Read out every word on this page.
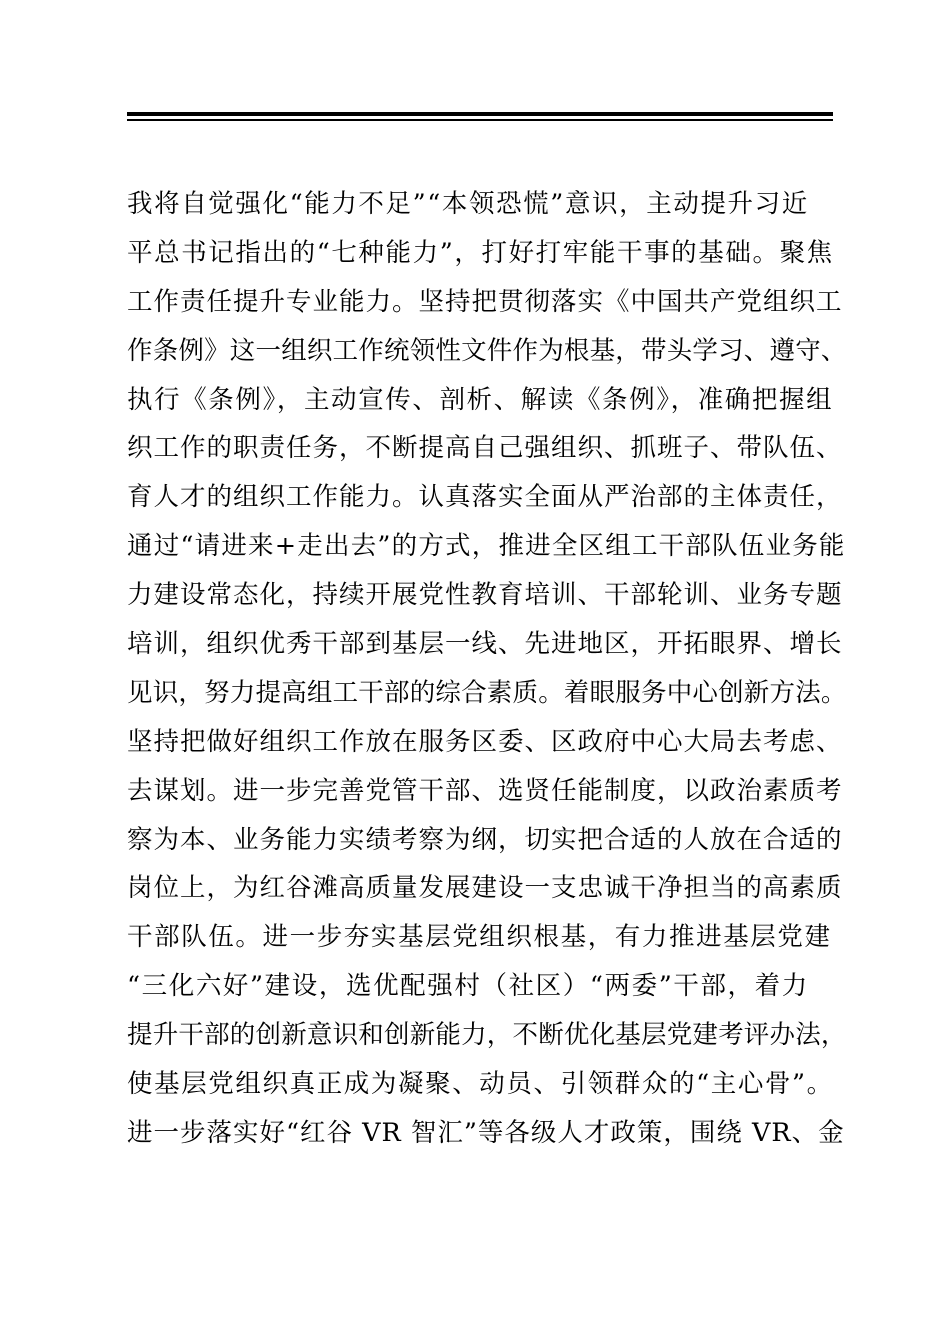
我将自觉强化“能力不足”“本领恐慌”意识，主动提升习近
平总书记指出的“七种能力”，打好打牢能干事的基础。聚焦
工作责任提升专业能力。坚持把贯彻落实《中国共产党组织工
作条例》这一组织工作统领性文件作为根基，带头学习、遵守、
执行《条例》，主动宣传、剖析、解读《条例》，准确把握组
织工作的职责任务，不断提高自己强组织、抓班子、带队伍、
育人才的组织工作能力。认真落实全面从严治部的主体责任，
通过“请进来+走出去”的方式，推进全区组工干部队伍业务能
力建设常态化，持续开展党性教育培训、干部轮训、业务专题
培训，组织优秀干部到基层一线、先进地区，开拓眼界、增长
见识，努力提高组工干部的综合素质。着眼服务中心创新方法。
坚持把做好组织工作放在服务区委、区政府中心大局去考虑、
去谋划。进一步完善党管干部、选贤任能制度，以政治素质考
察为本、业务能力实绩考察为纲，切实把合适的人放在合适的
岗位上，为红谷滩高质量发展建设一支忠诚干净担当的高素质
干部队伍。进一步夯实基层党组织根基，有力推进基层党建
“三化六好”建设，选优配强村（社区）“两委”干部，着力
提升干部的创新意识和创新能力，不断优化基层党建考评办法，
使基层党组织真正成为凝聚、动员、引领群众的“主心骨”。
进一步落实好“红谷 VR 智汇”等各级人才政策，围绕 VR、金
